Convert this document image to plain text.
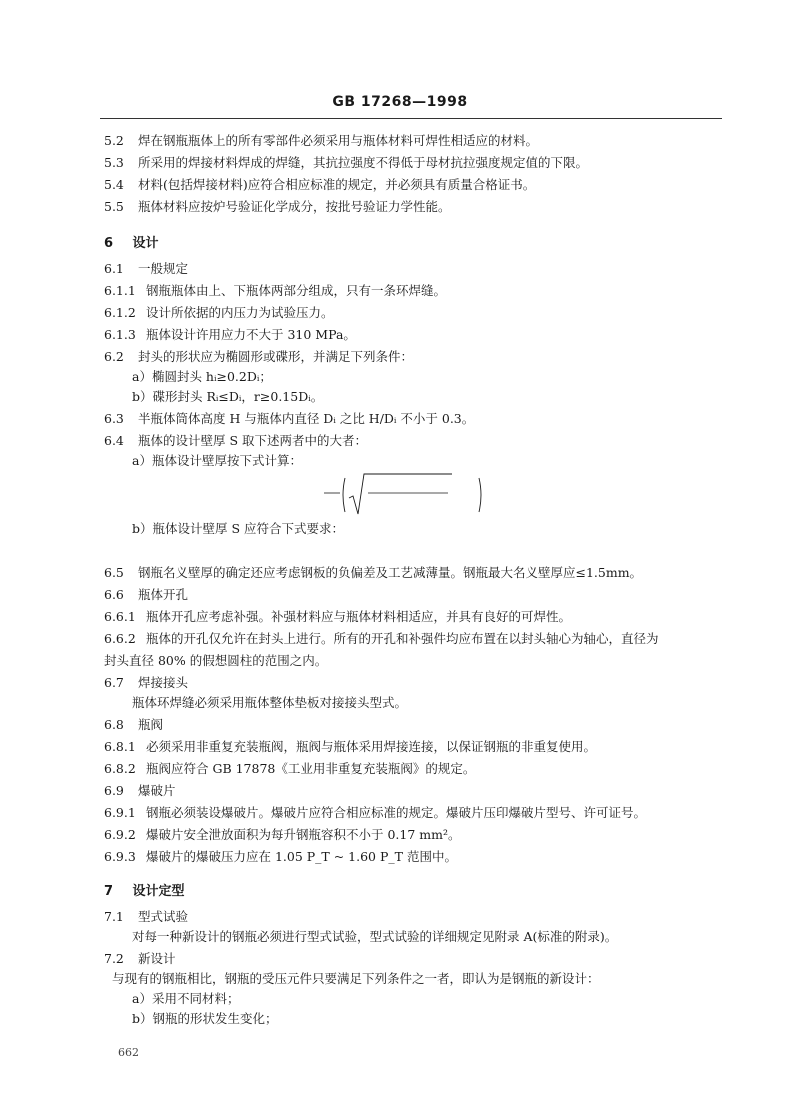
GB 17268—1998
5.2 焊在钢瓶瓶体上的所有零部件必须采用与瓶体材料可焊性相适应的材料。
5.3 所采用的焊接材料焊成的焊缝，其抗拉强度不得低于母材抗拉强度规定值的下限。
5.4 材料(包括焊接材料)应符合相应标准的规定，并必须具有质量合格证书。
5.5 瓶体材料应按炉号验证化学成分，按批号验证力学性能。
6 设计
6.1 一般规定
6.1.1 钢瓶瓶体由上、下瓶体两部分组成，只有一条环焊缝。
6.1.2 设计所依据的内压力为试验压力。
6.1.3 瓶体设计许用应力不大于 310 MPa。
6.2 封头的形状应为椭圆形或碟形，并满足下列条件：
a）椭圆封头 hᵢ≥0.2Dᵢ；
b）碟形封头 Rᵢ≤Dᵢ，r≥0.15Dᵢ。
6.3 半瓶体筒体高度 H 与瓶体内直径 Dᵢ 之比 H/Dᵢ 不小于 0.3。
6.4 瓶体的设计壁厚 S 取下述两者中的大者：
a）瓶体设计壁厚按下式计算：
b）瓶体设计壁厚 S 应符合下式要求：
6.5 钢瓶名义壁厚的确定还应考虑钢板的负偏差及工艺减薄量。钢瓶最大名义壁厚应≤1.5mm。
6.6 瓶体开孔
6.6.1 瓶体开孔应考虑补强。补强材料应与瓶体材料相适应，并具有良好的可焊性。
6.6.2 瓶体的开孔仅允许在封头上进行。所有的开孔和补强件均应布置在以封头轴心为轴心，直径为
封头直径 80% 的假想圆柱的范围之内。
6.7 焊接接头
瓶体环焊缝必须采用瓶体整体垫板对接接头型式。
6.8 瓶阀
6.8.1 必须采用非重复充装瓶阀，瓶阀与瓶体采用焊接连接，以保证钢瓶的非重复使用。
6.8.2 瓶阀应符合 GB 17878《工业用非重复充装瓶阀》的规定。
6.9 爆破片
6.9.1 钢瓶必须装设爆破片。爆破片应符合相应标准的规定。爆破片压印爆破片型号、许可证号。
6.9.2 爆破片安全泄放面积为每升钢瓶容积不小于 0.17 mm²。
6.9.3 爆破片的爆破压力应在 1.05 P_T ~ 1.60 P_T 范围中。
7 设计定型
7.1 型式试验
对每一种新设计的钢瓶必须进行型式试验，型式试验的详细规定见附录 A(标准的附录)。
7.2 新设计
与现有的钢瓶相比，钢瓶的受压元件只要满足下列条件之一者，即认为是钢瓶的新设计：
a）采用不同材料；
b）钢瓶的形状发生变化；
662
